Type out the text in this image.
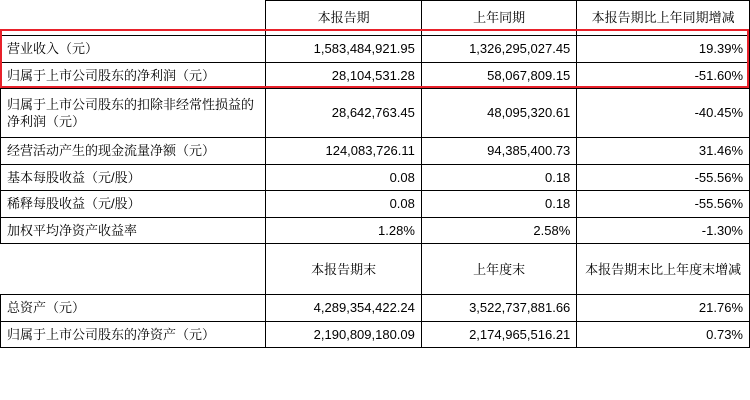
	本报告期	上年同期	本报告期比上年同期增减
营业收入（元）	1,583,484,921.95	1,326,295,027.45	19.39%
归属于上市公司股东的净利润（元）	28,104,531.28	58,067,809.15	-51.60%
归属于上市公司股东的扣除非经常性损益的净利润（元）	28,642,763.45	48,095,320.61	-40.45%
经营活动产生的现金流量净额（元）	124,083,726.11	94,385,400.73	31.46%
基本每股收益（元/股）	0.08	0.18	-55.56%
稀释每股收益（元/股）	0.08	0.18	-55.56%
加权平均净资产收益率	1.28%	2.58%	-1.30%
	本报告期末	上年度末	本报告期末比上年度末增减
总资产（元）	4,289,354,422.24	3,522,737,881.66	21.76%
归属于上市公司股东的净资产（元）	2,190,809,180.09	2,174,965,516.21	0.73%
